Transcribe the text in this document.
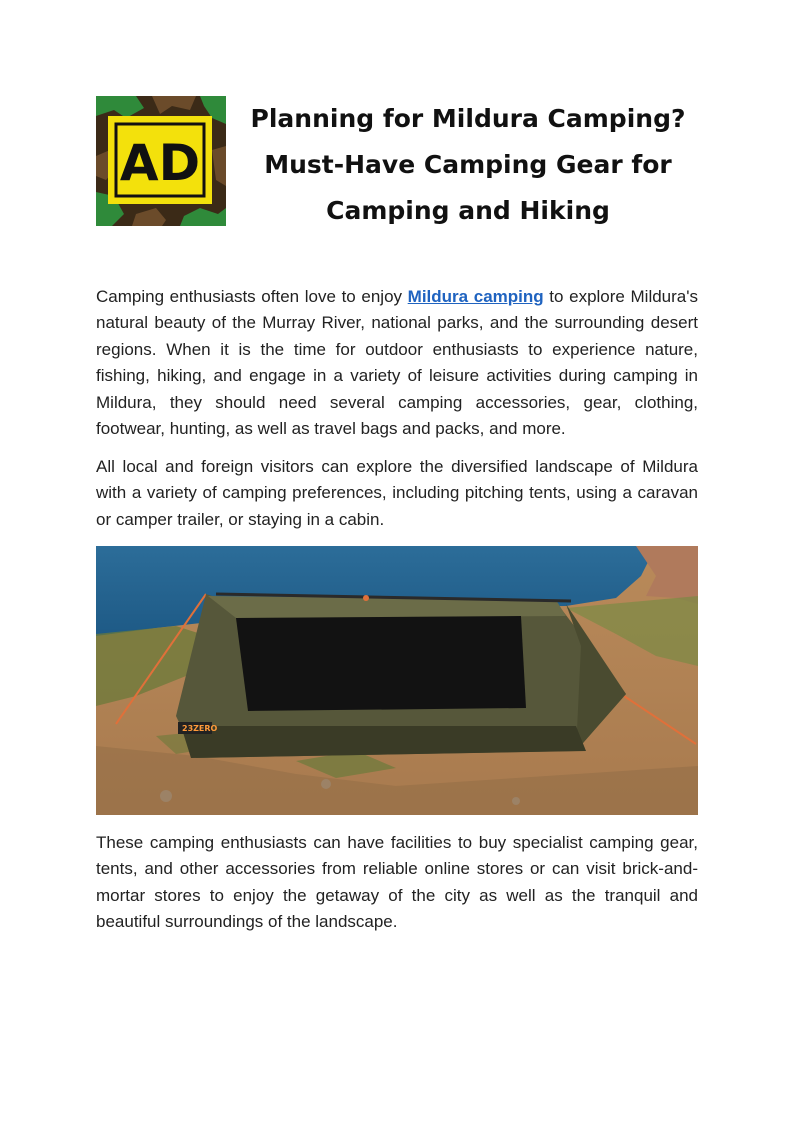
AD
Planning for Mildura Camping?
Must-Have Camping Gear for
Camping and Hiking

Camping enthusiasts often love to enjoy Mildura camping to explore Mildura's natural beauty of the Murray River, national parks, and the surrounding desert regions. When it is the time for outdoor enthusiasts to experience nature, fishing, hiking, and engage in a variety of leisure activities during camping in Mildura, they should need several camping accessories, gear, clothing, footwear, hunting, as well as travel bags and packs, and more.

All local and foreign visitors can explore the diversified landscape of Mildura with a variety of camping preferences, including pitching tents, using a caravan or camper trailer, or staying in a cabin.

23ZERO

These camping enthusiasts can have facilities to buy specialist camping gear, tents, and other accessories from reliable online stores or can visit brick-and-mortar stores to enjoy the getaway of the city as well as the tranquil and beautiful surroundings of the landscape.
